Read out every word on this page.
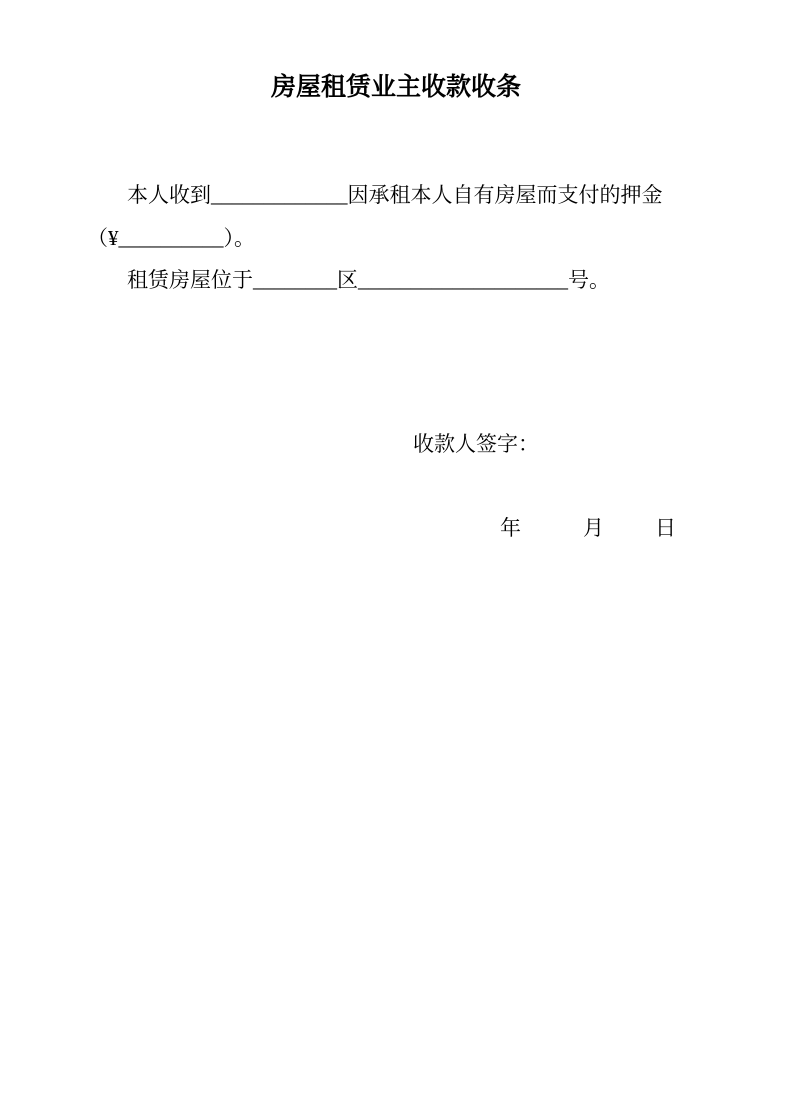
房屋租赁业主收款收条

本人收到_____________因承租本人自有房屋而支付的押金

（¥__________）。

租赁房屋位于________区____________________号。

收款人签字：

年	月 日
